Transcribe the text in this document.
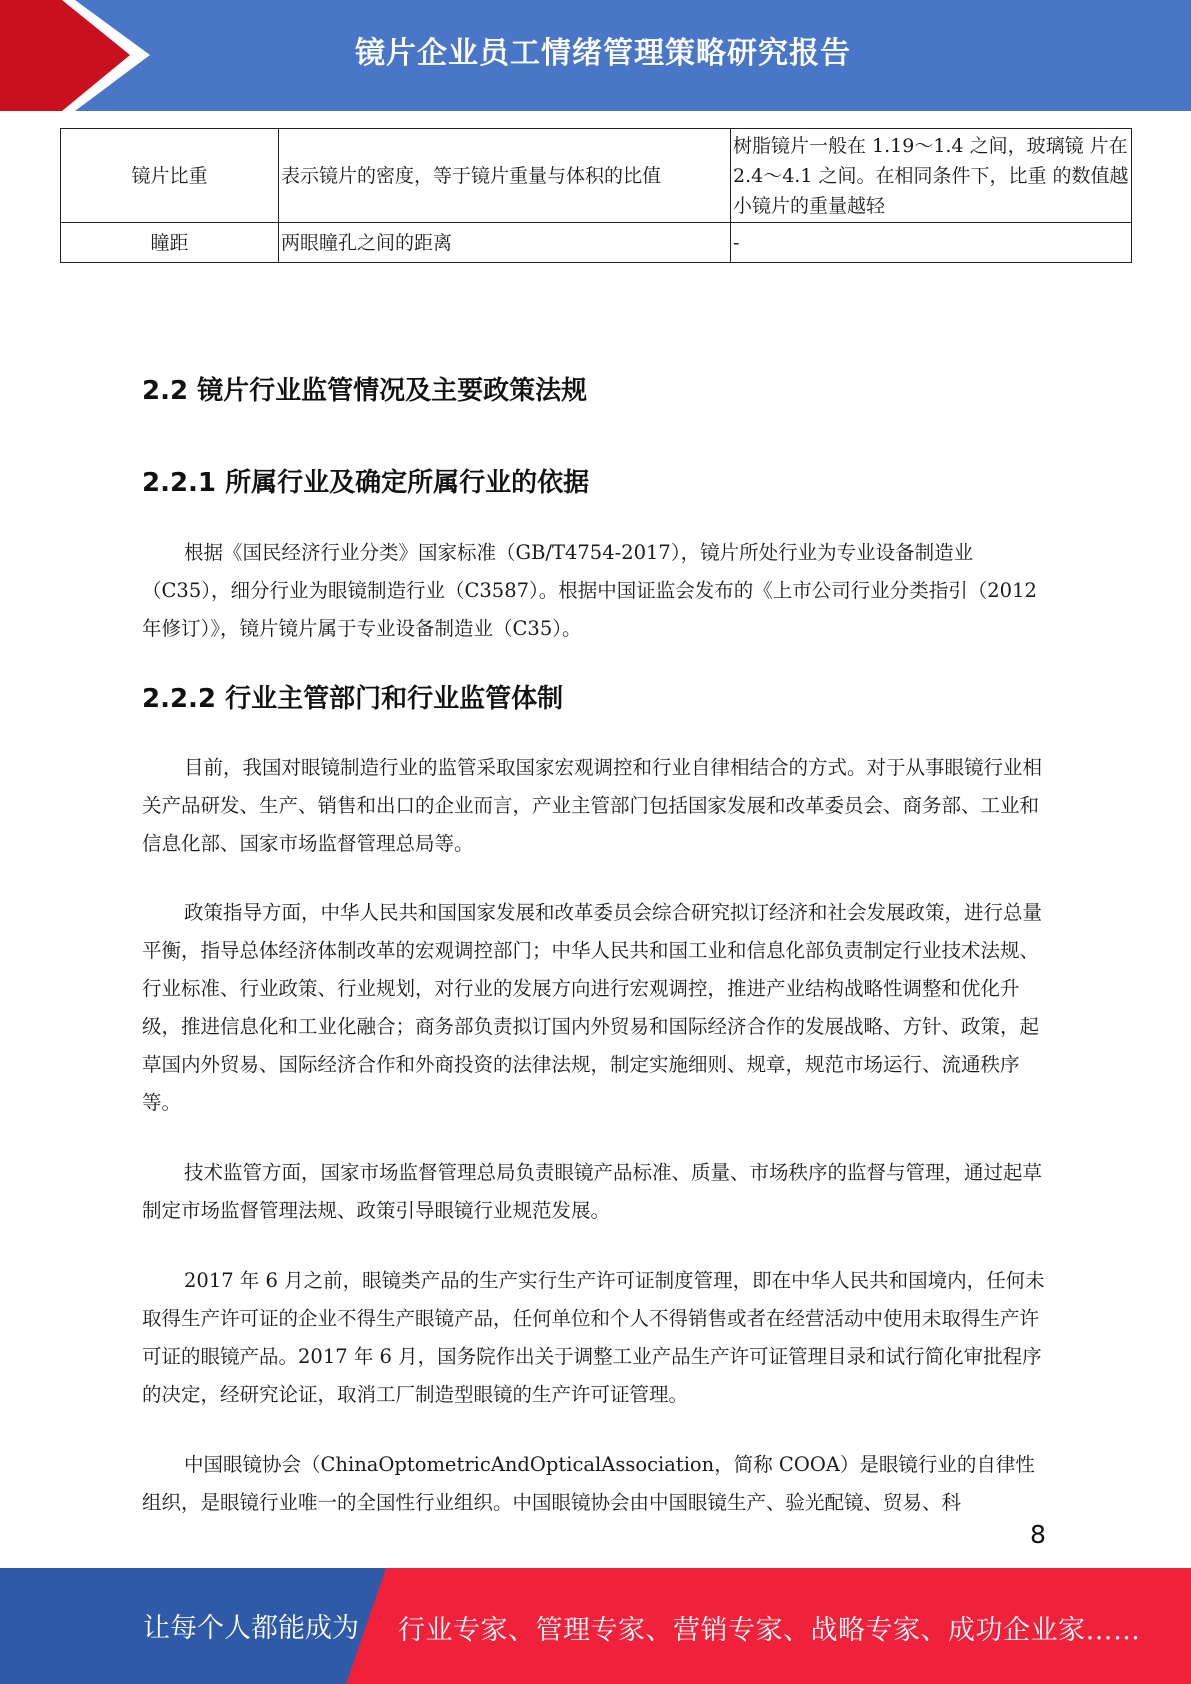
镜片企业员工情绪管理策略研究报告
镜片比重	表示镜片的密度，等于镜片重量与体积的比值	树脂镜片一般在 1.19～1.4 之间，玻璃镜 片在 2.4～4.1 之间。在相同条件下，比重 的数值越小镜片的重量越轻
瞳距	两眼瞳孔之间的距离	-
2.2 镜片行业监管情况及主要政策法规
2.2.1 所属行业及确定所属行业的依据

根据《国民经济行业分类》国家标准（GB/T4754-2017），镜片所处行业为专业设备制造业（C35），细分行业为眼镜制造行业（C3587）。根据中国证监会发布的《上市公司行业分类指引（2012 年修订）》，镜片镜片属于专业设备制造业（C35）。

2.2.2 行业主管部门和行业监管体制

目前，我国对眼镜制造行业的监管采取国家宏观调控和行业自律相结合的方式。对于从事眼镜行业相关产品研发、生产、销售和出口的企业而言，产业主管部门包括国家发展和改革委员会、商务部、工业和信息化部、国家市场监督管理总局等。

政策指导方面，中华人民共和国国家发展和改革委员会综合研究拟订经济和社会发展政策，进行总量平衡，指导总体经济体制改革的宏观调控部门；中华人民共和国工业和信息化部负责制定行业技术法规、行业标准、行业政策、行业规划，对行业的发展方向进行宏观调控，推进产业结构战略性调整和优化升级，推进信息化和工业化融合；商务部负责拟订国内外贸易和国际经济合作的发展战略、方针、政策，起草国内外贸易、国际经济合作和外商投资的法律法规，制定实施细则、规章，规范市场运行、流通秩序等。

技术监管方面，国家市场监督管理总局负责眼镜产品标准、质量、市场秩序的监督与管理，通过起草制定市场监督管理法规、政策引导眼镜行业规范发展。

2017 年 6 月之前，眼镜类产品的生产实行生产许可证制度管理，即在中华人民共和国境内，任何未取得生产许可证的企业不得生产眼镜产品，任何单位和个人不得销售或者在经营活动中使用未取得生产许可证的眼镜产品。2017 年 6 月，国务院作出关于调整工业产品生产许可证管理目录和试行简化审批程序的决定，经研究论证，取消工厂制造型眼镜的生产许可证管理。

中国眼镜协会（ChinaOptometricAndOpticalAssociation，简称 COOA）是眼镜行业的自律性组织，是眼镜行业唯一的全国性行业组织。中国眼镜协会由中国眼镜生产、验光配镜、贸易、科

8
让每个人都能成为 行业专家、管理专家、营销专家、战略专家、成功企业家……
